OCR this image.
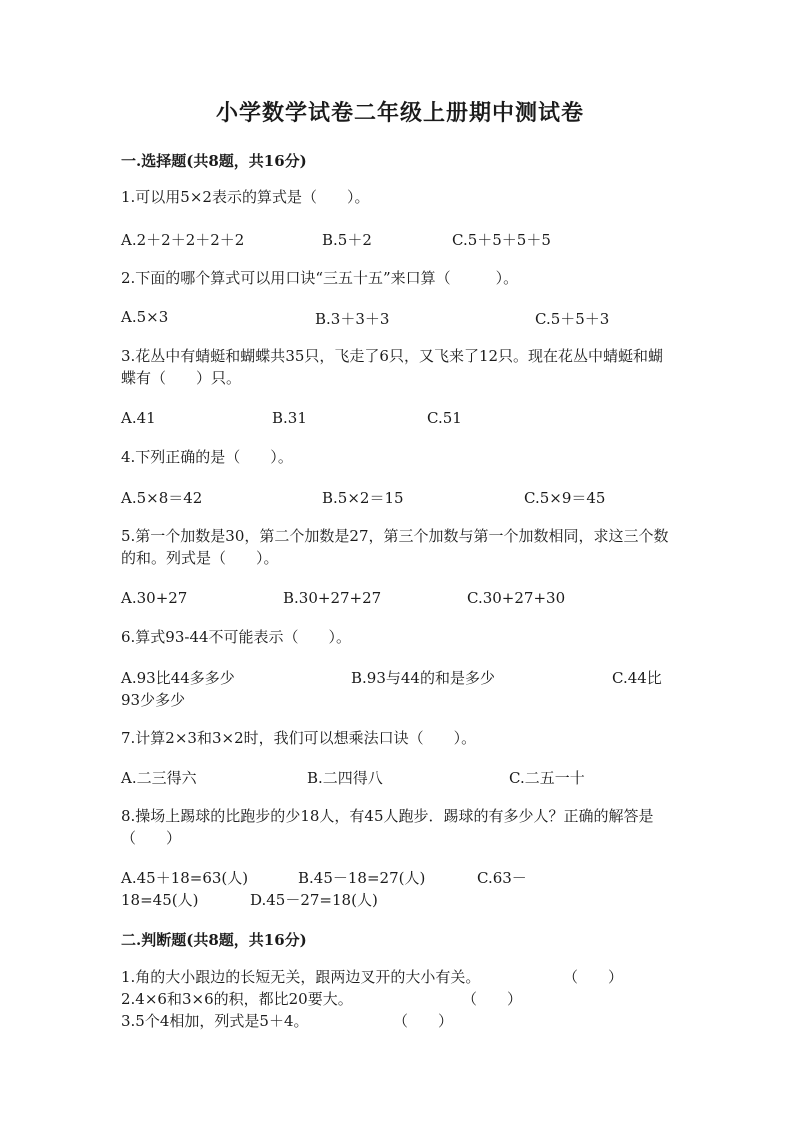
小学数学试卷二年级上册期中测试卷

一.选择题(共8题，共16分)

1.可以用5×2表示的算式是（　　）。

A.2＋2＋2＋2＋2	B.5＋2	C.5＋5＋5＋5

2.下面的哪个算式可以用口诀“三五十五”来口算（　　　）。

A.5×3	B.3＋3＋3	C.5＋5＋3

3.花丛中有蜻蜓和蝴蝶共35只，飞走了6只，又飞来了12只。现在花丛中蜻蜓和蝴蝶有（　　）只。

A.41	B.31	C.51

4.下列正确的是（　　）。

A.5×8＝42	B.5×2＝15	C.5×9＝45

5.第一个加数是30，第二个加数是27，第三个加数与第一个加数相同，求这三个数的和。列式是（　　）。

A.30+27	B.30+27+27	C.30+27+30

6.算式93-44不可能表示（　　）。

A.93比44多多少	B.93与44的和是多少	C.44比
93少多少

7.计算2×3和3×2时，我们可以想乘法口诀（　　）。

A.二三得六	B.二四得八	C.二五一十

8.操场上踢球的比跑步的少18人，有45人跑步．踢球的有多少人？正确的解答是（　　）

A.45＋18=63(人)	B.45－18=27(人)	C.63－
18=45(人)	D.45－27=18(人)

二.判断题(共8题，共16分)

1.角的大小跟边的长短无关，跟两边叉开的大小有关。	（　　）
2.4×6和3×6的积，都比20要大。	（　　）
3.5个4相加，列式是5＋4。	（　　）
